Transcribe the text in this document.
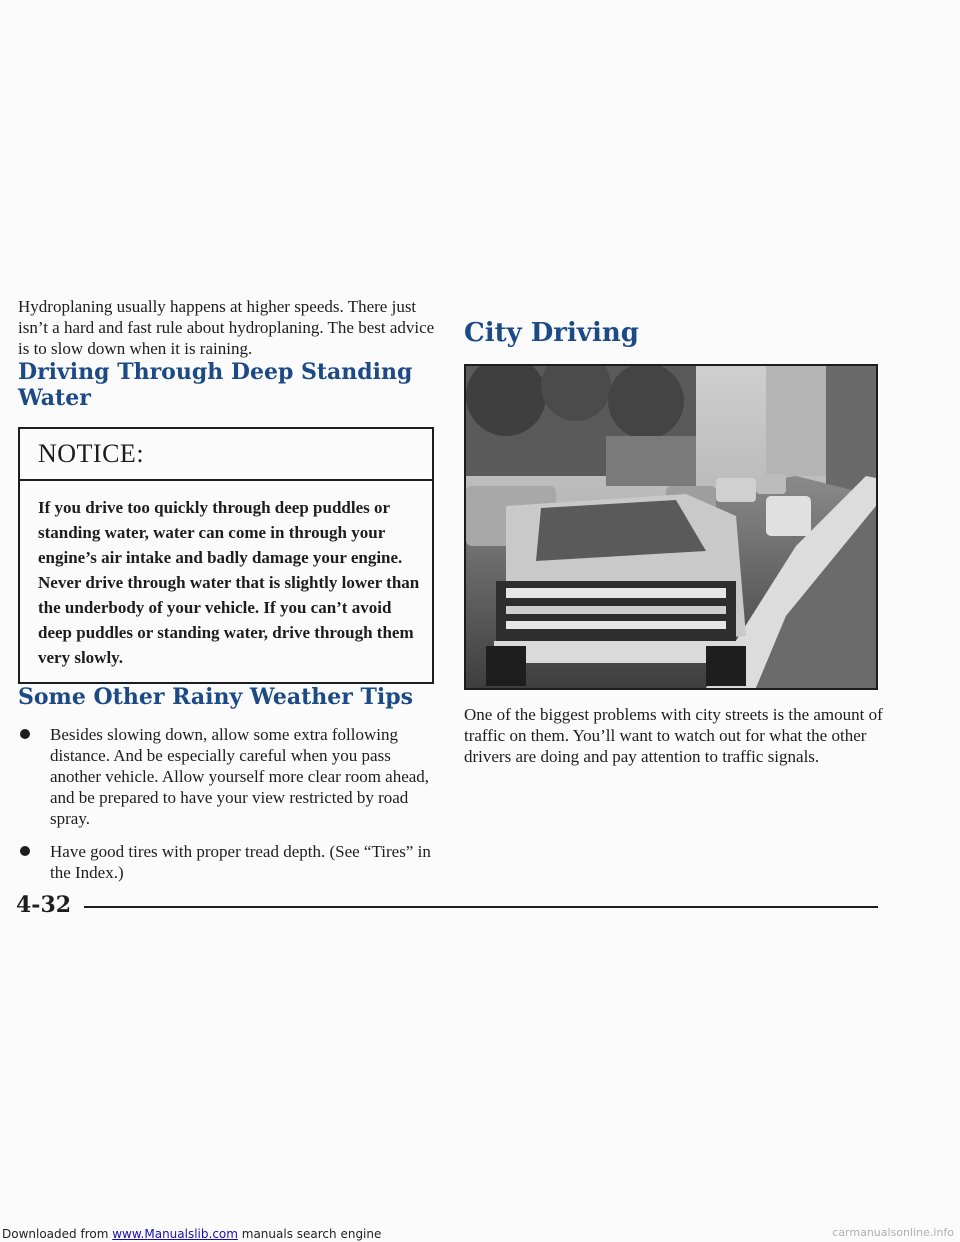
Hydroplaning usually happens at higher speeds. There just isn’t a hard and fast rule about hydroplaning. The best advice is to slow down when it is raining.

Driving Through Deep Standing Water
NOTICE:

If you drive too quickly through deep puddles or standing water, water can come in through your engine’s air intake and badly damage your engine. Never drive through water that is slightly lower than the underbody of your vehicle. If you can’t avoid deep puddles or standing water, drive through them very slowly.

Some Other Rainy Weather Tips
Besides slowing down, allow some extra following distance. And be especially careful when you pass another vehicle. Allow yourself more clear room ahead, and be prepared to have your view restricted by road spray.
Have good tires with proper tread depth. (See “Tires” in the Index.)
City Driving

One of the biggest problems with city streets is the amount of traffic on them. You’ll want to watch out for what the other drivers are doing and pay attention to traffic signals.

4-32
Downloaded from www.Manualslib.com manuals search engine	carmanualsonline.info
